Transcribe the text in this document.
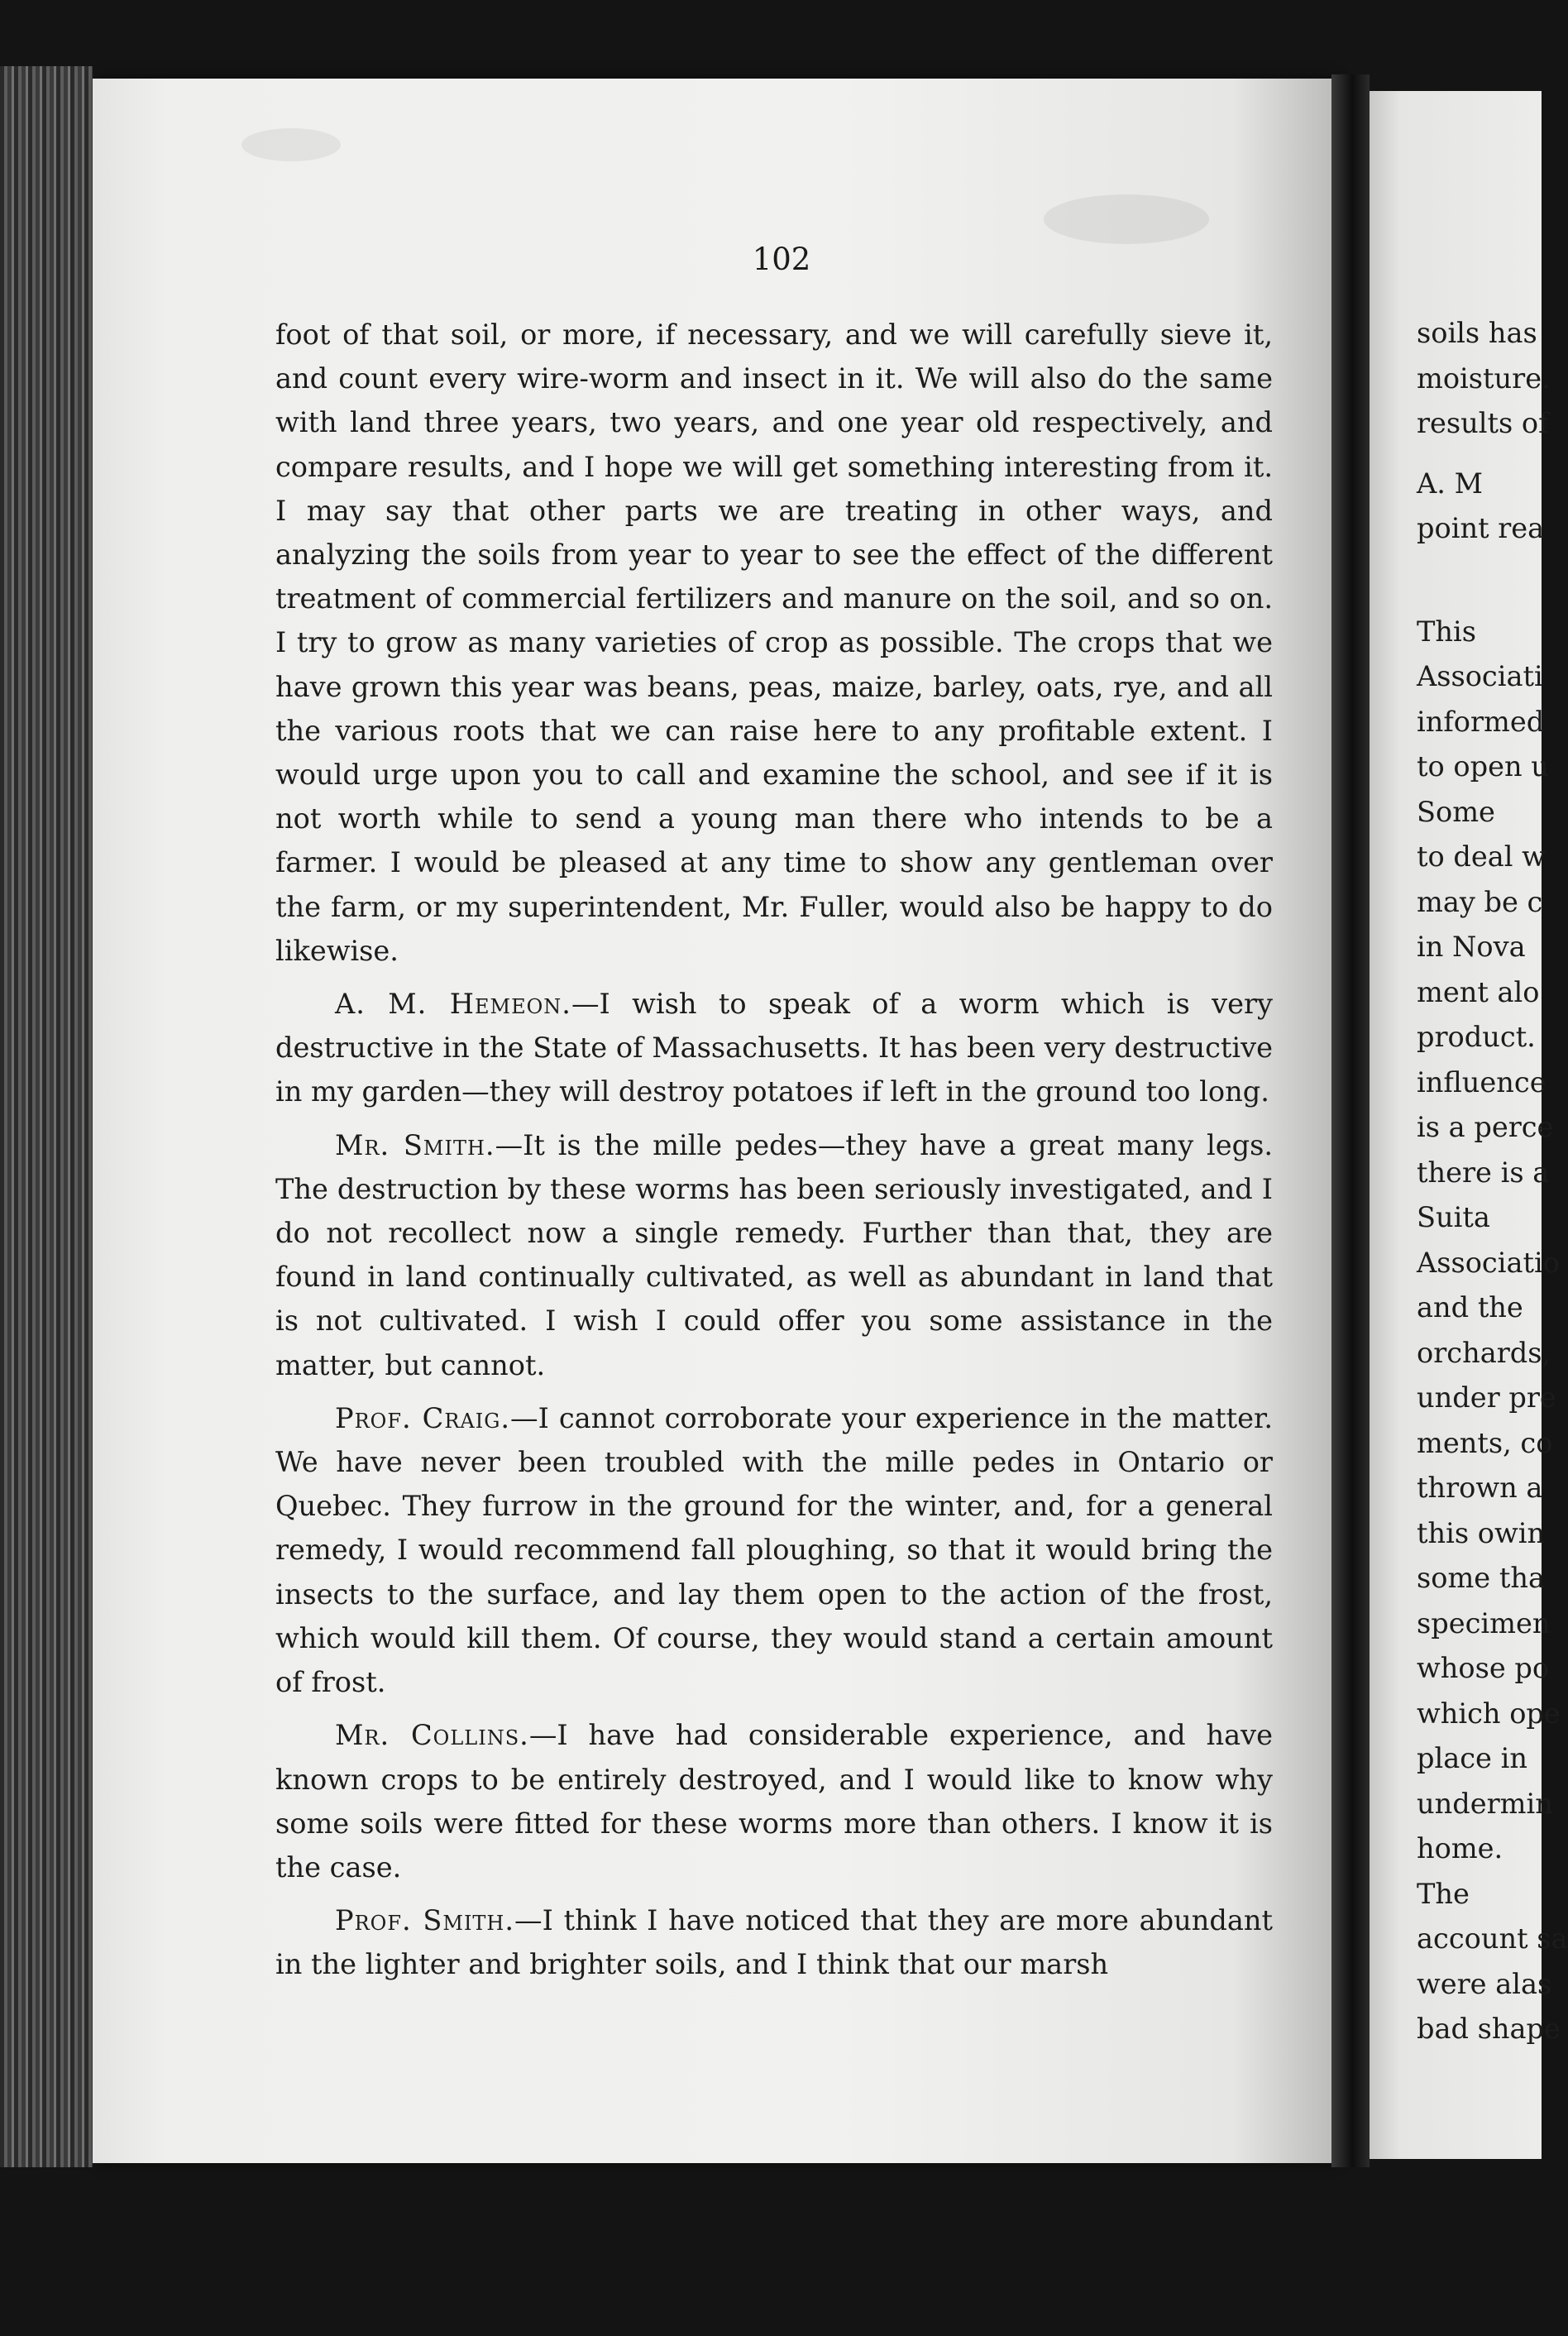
102

foot of that soil, or more, if necessary, and we will carefully sieve it, and count every wire-worm and insect in it. We will also do the same with land three years, two years, and one year old respectively, and compare results, and I hope we will get something interesting from it. I may say that other parts we are treating in other ways, and analyzing the soils from year to year to see the effect of the different treatment of commercial fertilizers and manure on the soil, and so on. I try to grow as many varieties of crop as possible. The crops that we have grown this year was beans, peas, maize, barley, oats, rye, and all the various roots that we can raise here to any profitable extent. I would urge upon you to call and examine the school, and see if it is not worth while to send a young man there who intends to be a farmer. I would be pleased at any time to show any gentleman over the farm, or my superintendent, Mr. Fuller, would also be happy to do likewise.

A. M. Hemeon.—I wish to speak of a worm which is very destructive in the State of Massachusetts. It has been very destructive in my garden—they will destroy potatoes if left in the ground too long.

Mr. Smith.—It is the mille pedes—they have a great many legs. The destruction by these worms has been seriously investigated, and I do not recollect now a single remedy. Further than that, they are found in land continually cultivated, as well as abundant in land that is not cultivated. I wish I could offer you some assistance in the matter, but cannot.

Prof. Craig.—I cannot corroborate your experience in the matter. We have never been troubled with the mille pedes in Ontario or Quebec. They furrow in the ground for the winter, and, for a general remedy, I would recommend fall ploughing, so that it would bring the insects to the surface, and lay them open to the action of the frost, which would kill them. Of course, they would stand a certain amount of frost.

Mr. Collins.—I have had considerable experience, and have known crops to be entirely destroyed, and I would like to know why some soils were fitted for these worms more than others. I know it is the case.

Prof. Smith.—I think I have noticed that they are more abundant in the lighter and brighter soils, and I think that our marsh

soils has
moisture.
results of
A. M
point rea
This
Associati
informed
to open u
Some
to deal w
may be c
in Nova
ment alo
product.
influence
is a perce
there is a
Suita
Associatio
and the
orchards,
under pre
ments, co
thrown a
this owin
some tha
specimen
whose po
which ope
place in
undermin
home.
The
account sa
were alas
bad shape
